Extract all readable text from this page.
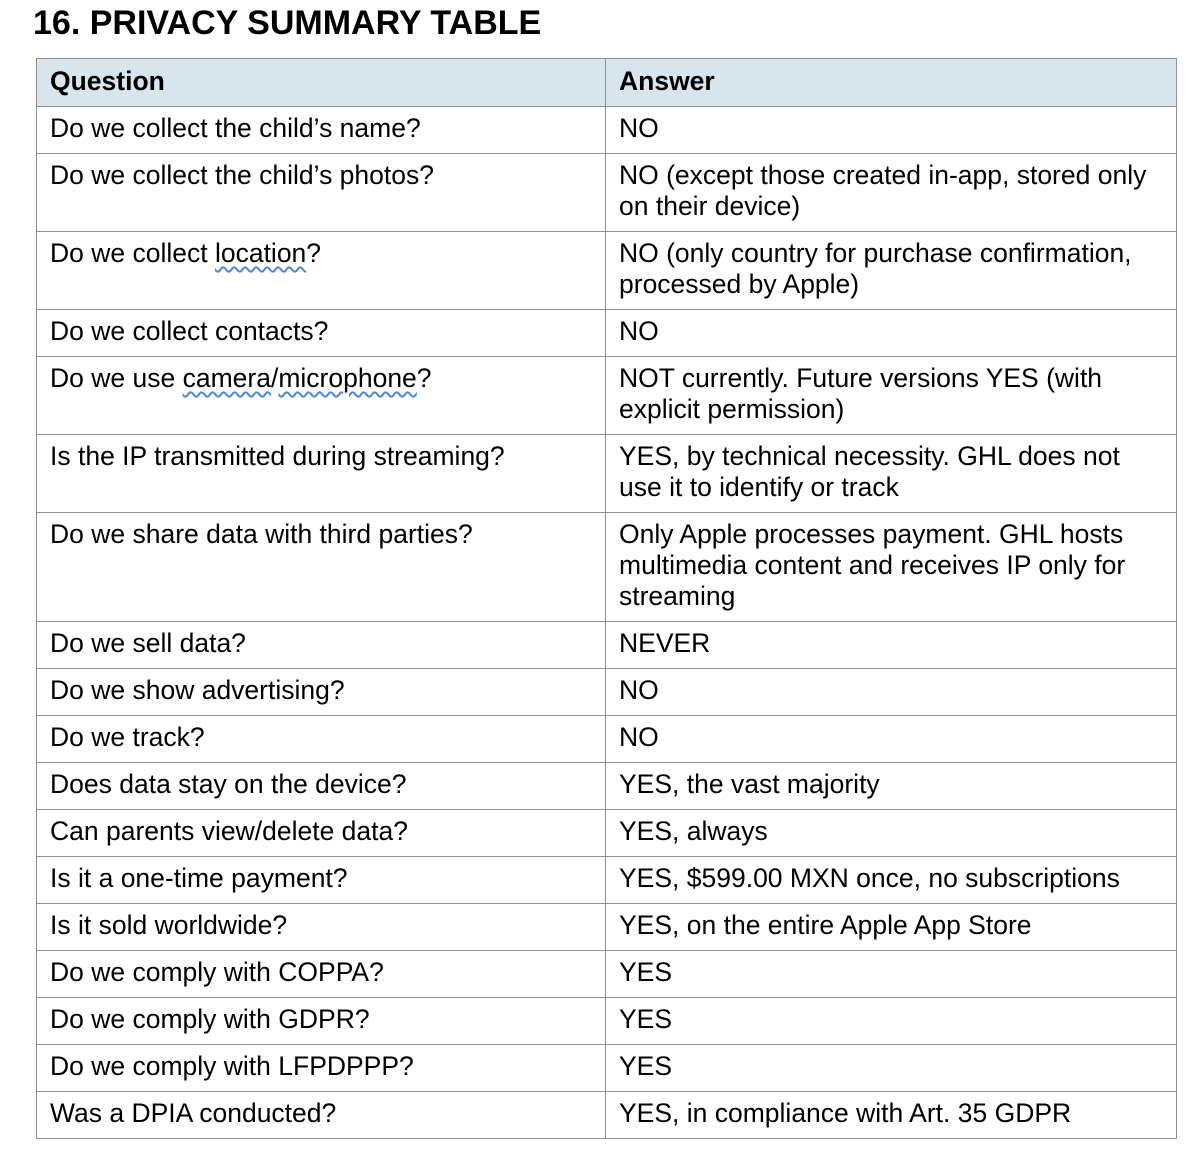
16. PRIVACY SUMMARY TABLE
Question	Answer
Do we collect the child’s name?	NO
Do we collect the child’s photos?	NO (except those created in-app, stored only on their device)
Do we collect location?	NO (only country for purchase confirmation, processed by Apple)
Do we collect contacts?	NO
Do we use camera/microphone?	NOT currently. Future versions YES (with explicit permission)
Is the IP transmitted during streaming?	YES, by technical necessity. GHL does not use it to identify or track
Do we share data with third parties?	Only Apple processes payment. GHL hosts multimedia content and receives IP only for streaming
Do we sell data?	NEVER
Do we show advertising?	NO
Do we track?	NO
Does data stay on the device?	YES, the vast majority
Can parents view/delete data?	YES, always
Is it a one-time payment?	YES, $599.00 MXN once, no subscriptions
Is it sold worldwide?	YES, on the entire Apple App Store
Do we comply with COPPA?	YES
Do we comply with GDPR?	YES
Do we comply with LFPDPPP?	YES
Was a DPIA conducted?	YES, in compliance with Art. 35 GDPR
